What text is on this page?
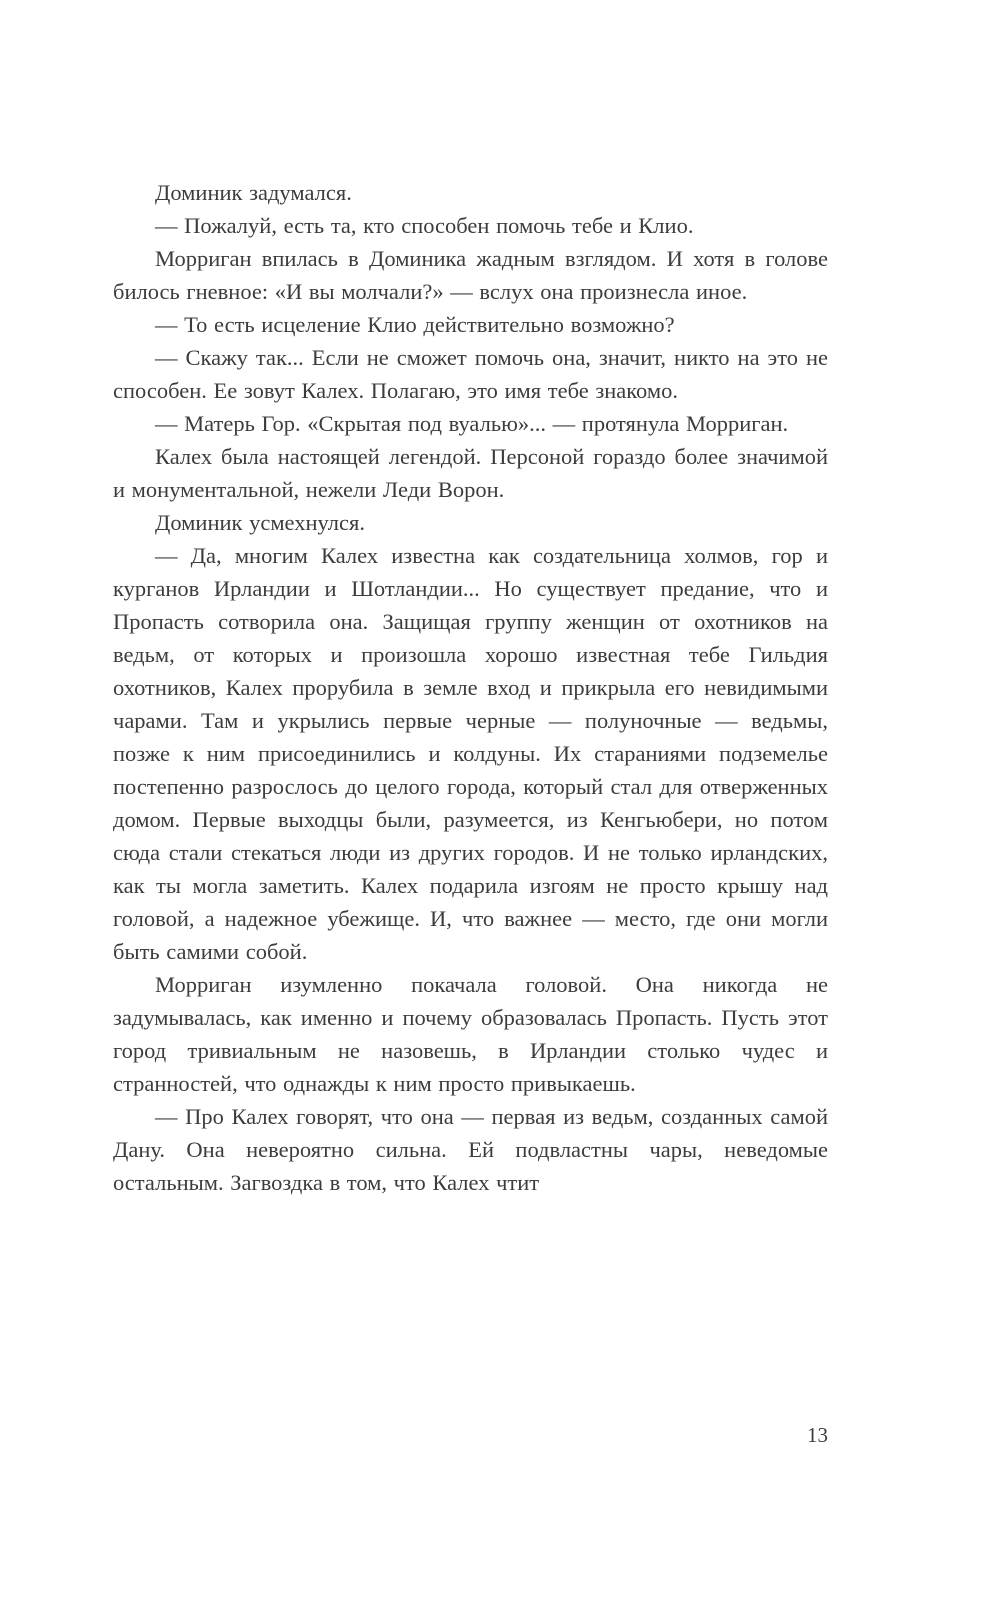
Доминик задумался.

— Пожалуй, есть та, кто способен помочь тебе и Клио.

Морриган впилась в Доминика жадным взглядом. И хотя в голове билось гневное: «И вы молчали?» — вслух она произнесла иное.

— То есть исцеление Клио действительно возможно?

— Скажу так... Если не сможет помочь она, значит, никто на это не способен. Ее зовут Калех. Полагаю, это имя тебе знакомо.

— Матерь Гор. «Скрытая под вуалью»... — протянула Морриган.

Калех была настоящей легендой. Персоной гораздо более значимой и монументальной, нежели Леди Ворон.

Доминик усмехнулся.

— Да, многим Калех известна как создательница холмов, гор и курганов Ирландии и Шотландии... Но существует предание, что и Пропасть сотворила она. Защищая группу женщин от охотников на ведьм, от которых и произошла хорошо известная тебе Гильдия охотников, Калех прорубила в земле вход и прикрыла его невидимыми чарами. Там и укрылись первые черные — полуночные — ведьмы, позже к ним присоединились и колдуны. Их стараниями подземелье постепенно разрослось до целого города, который стал для отверженных домом. Первые выходцы были, разумеется, из Кенгьюбери, но потом сюда стали стекаться люди из других городов. И не только ирландских, как ты могла заметить. Калех подарила изгоям не просто крышу над головой, а надежное убежище. И, что важнее — место, где они могли быть самими собой.

Морриган изумленно покачала головой. Она никогда не задумывалась, как именно и почему образовалась Пропасть. Пусть этот город тривиальным не назовешь, в Ирландии столько чудес и странностей, что однажды к ним просто привыкаешь.

— Про Калех говорят, что она — первая из ведьм, созданных самой Дану. Она невероятно сильна. Ей подвластны чары, неведомые остальным. Загвоздка в том, что Калех чтит

13
